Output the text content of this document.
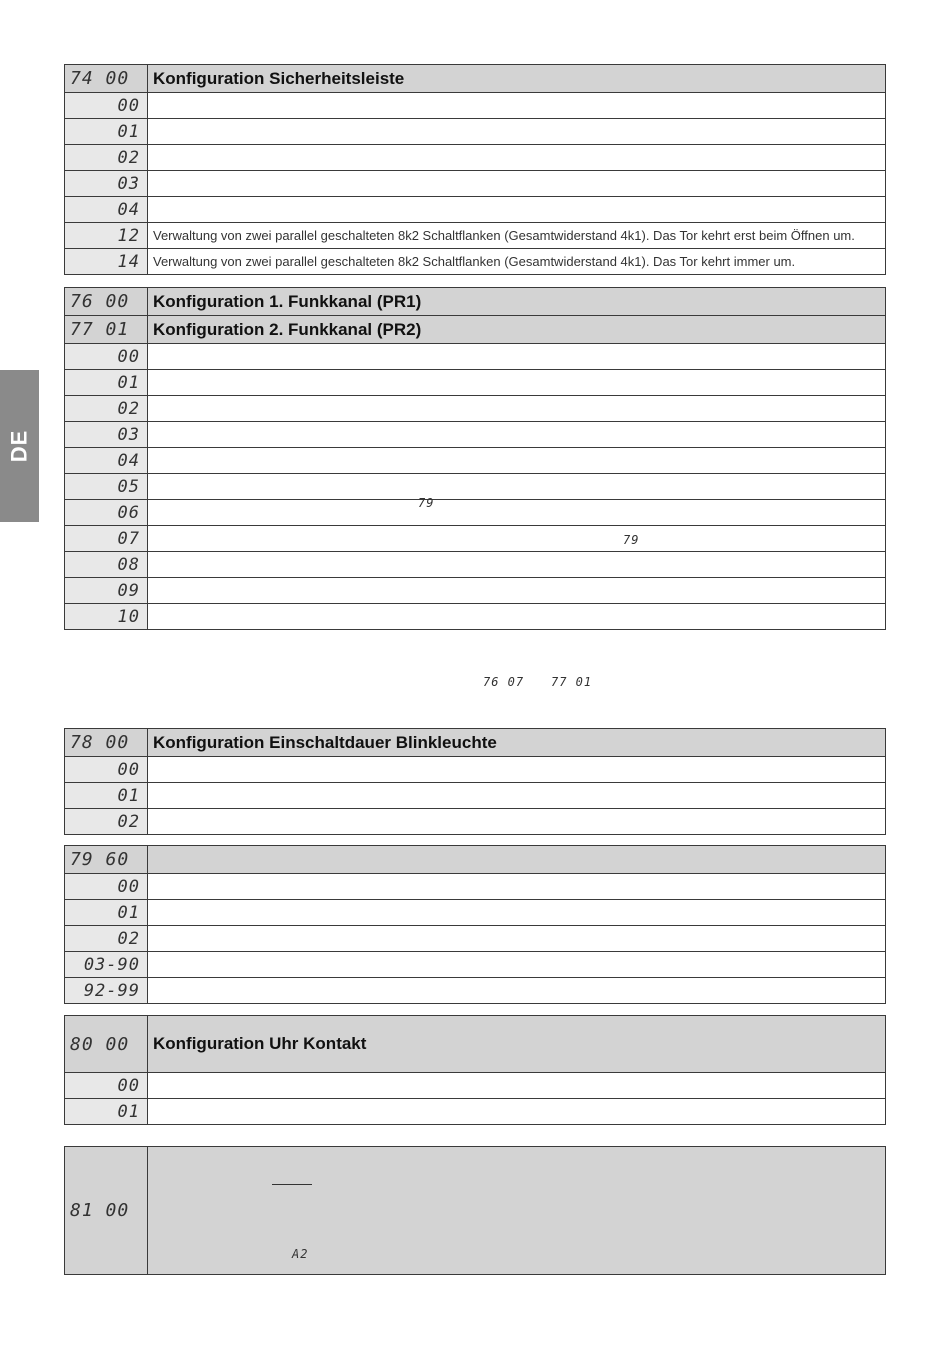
DE
74 00	Konfiguration Sicherheitsleiste
00	
01	
02	
03	
04	
12	Verwaltung von zwei parallel geschalteten 8k2 Schaltflanken (Gesamtwiderstand 4k1). Das Tor kehrt erst beim Öffnen um.
14	Verwaltung von zwei parallel geschalteten 8k2 Schaltflanken (Gesamtwiderstand 4k1). Das Tor kehrt immer um.
76 00	Konfiguration 1. Funkkanal (PR1)
77 01	Konfiguration 2. Funkkanal (PR2)
00	
01	
02	
03	
04	
05	
06	
07	
08	
09	
10	
79
79
76 07 77 01
78 00	Konfiguration Einschaltdauer Blinkleuchte
00	
01	
02	
79 60	
00	
01	
02	
03-90	
92-99	
80 00	Konfiguration Uhr Kontakt
00	
01	
81 00	
A2
